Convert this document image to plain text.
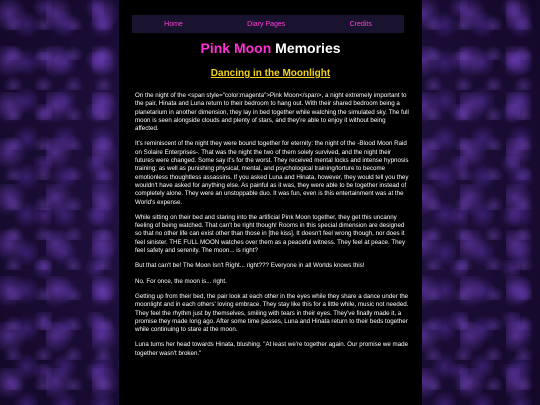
Home	Diary Pages	Credits
Pink Moon Memories
Dancing in the Moonlight

On the night of the <span style="color:magenta">Pink Moon</span>, a night extremely important to the pair, Hinata and Luna return to their bedroom to hang out. With their shared bedroom being a planetarium in another dimension, they lay in bed together while watching the simulated sky. The full moon is seen alongside clouds and plenty of stars, and they're able to enjoy it without being affected.

It's reminiscent of the night they were bound together for eternity: the night of the -Blood Moon Raid on Solaire Enterprises-. That was the night the two of them solely survived, and the night their futures were changed. Some say it's for the worst. They received mental locks and intense hypnosis training; as well as punishing physical, mental, and psychological training/torture to become emotionless thoughtless assassins. If you asked Luna and Hinata, however, they would tell you they wouldn't have asked for anything else. As painful as it was, they were able to be together instead of completely alone. They were an unstoppable duo. It was fun, even is this entertainment was at the World's expense.

While sitting on their bed and staring into the artificial Pink Moon together, they get this uncanny feeling of being watched. That can't be right though! Rooms in this special dimension are designed so that no other life can exist other than those in [the kiss]. It doesn't feel wrong though, nor does it feel sinister. THE FULL MOON watches over them as a peaceful witness. They feel at peace. They feel safety and serenity. The moon... is right?

But that can't be! The Moon Isn't Right... right??? Everyone in all Worlds knows this!

No. For once, the moon is... right.

Getting up from their bed, the pair look at each other in the eyes while they share a dance under the moonlight and in each others' loving embrace. They stay like this for a little while, music not needed. They feel the rhythm just by themselves, smiling with tears in their eyes. They've finally made it, a promise they made long ago. After some time passes, Luna and Hinata return to their beds together while continuing to stare at the moon.

Luna turns her head towards Hinata, blushing. "At least we're together again. Our promise we made together wasn't broken."
